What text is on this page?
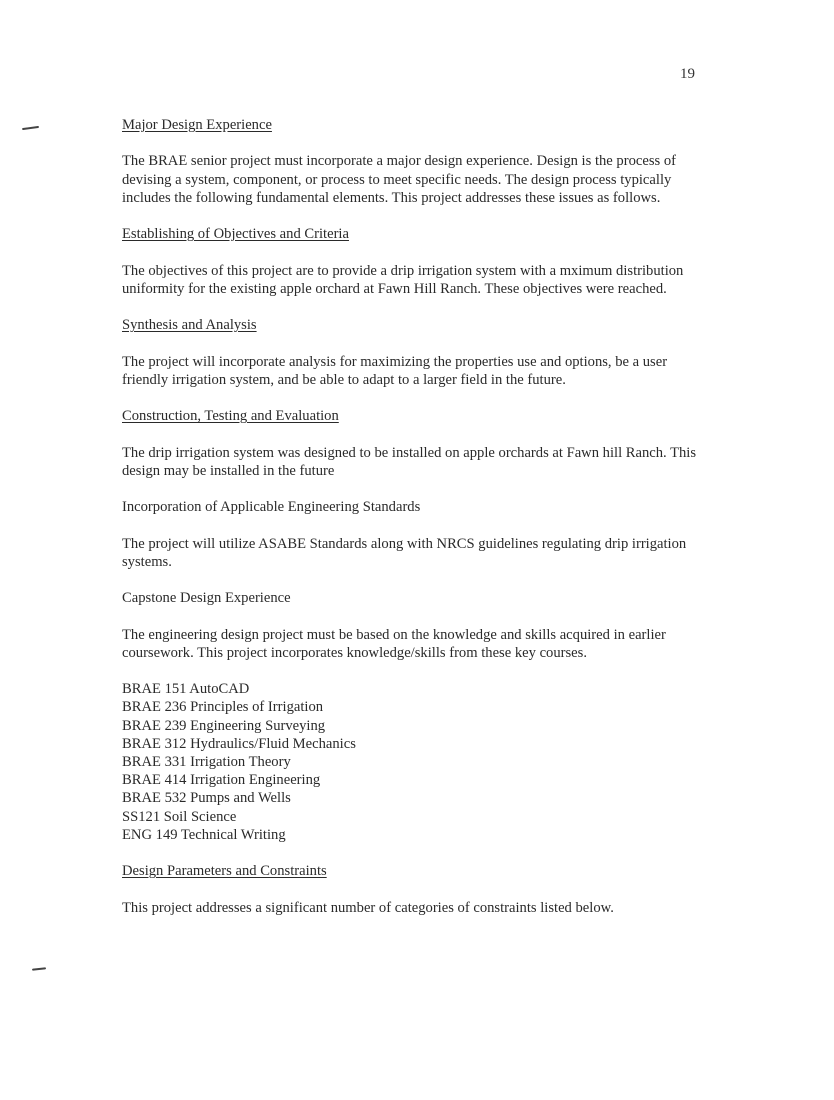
19

Major Design Experience

The BRAE senior project must incorporate a major design experience. Design is the process of devising a system, component, or process to meet specific needs. The design process typically includes the following fundamental elements. This project addresses these issues as follows.

Establishing of Objectives and Criteria

The objectives of this project are to provide a drip irrigation system with a mximum distribution uniformity for the existing apple orchard at Fawn Hill Ranch. These objectives were reached.

Synthesis and Analysis

The project will incorporate analysis for maximizing the properties use and options, be a user friendly irrigation system, and be able to adapt to a larger field in the future.

Construction, Testing and Evaluation

The drip irrigation system was designed to be installed on apple orchards at Fawn hill Ranch. This design may be installed in the future

Incorporation of Applicable Engineering Standards

The project will utilize ASABE Standards along with NRCS guidelines regulating drip irrigation systems.

Capstone Design Experience

The engineering design project must be based on the knowledge and skills acquired in earlier coursework. This project incorporates knowledge/skills from these key courses.

BRAE 151 AutoCAD
BRAE 236 Principles of Irrigation
BRAE 239 Engineering Surveying
BRAE 312 Hydraulics/Fluid Mechanics
BRAE 331 Irrigation Theory
BRAE 414 Irrigation Engineering
BRAE 532 Pumps and Wells
SS121 Soil Science
ENG 149 Technical Writing

Design Parameters and Constraints

This project addresses a significant number of categories of constraints listed below.
